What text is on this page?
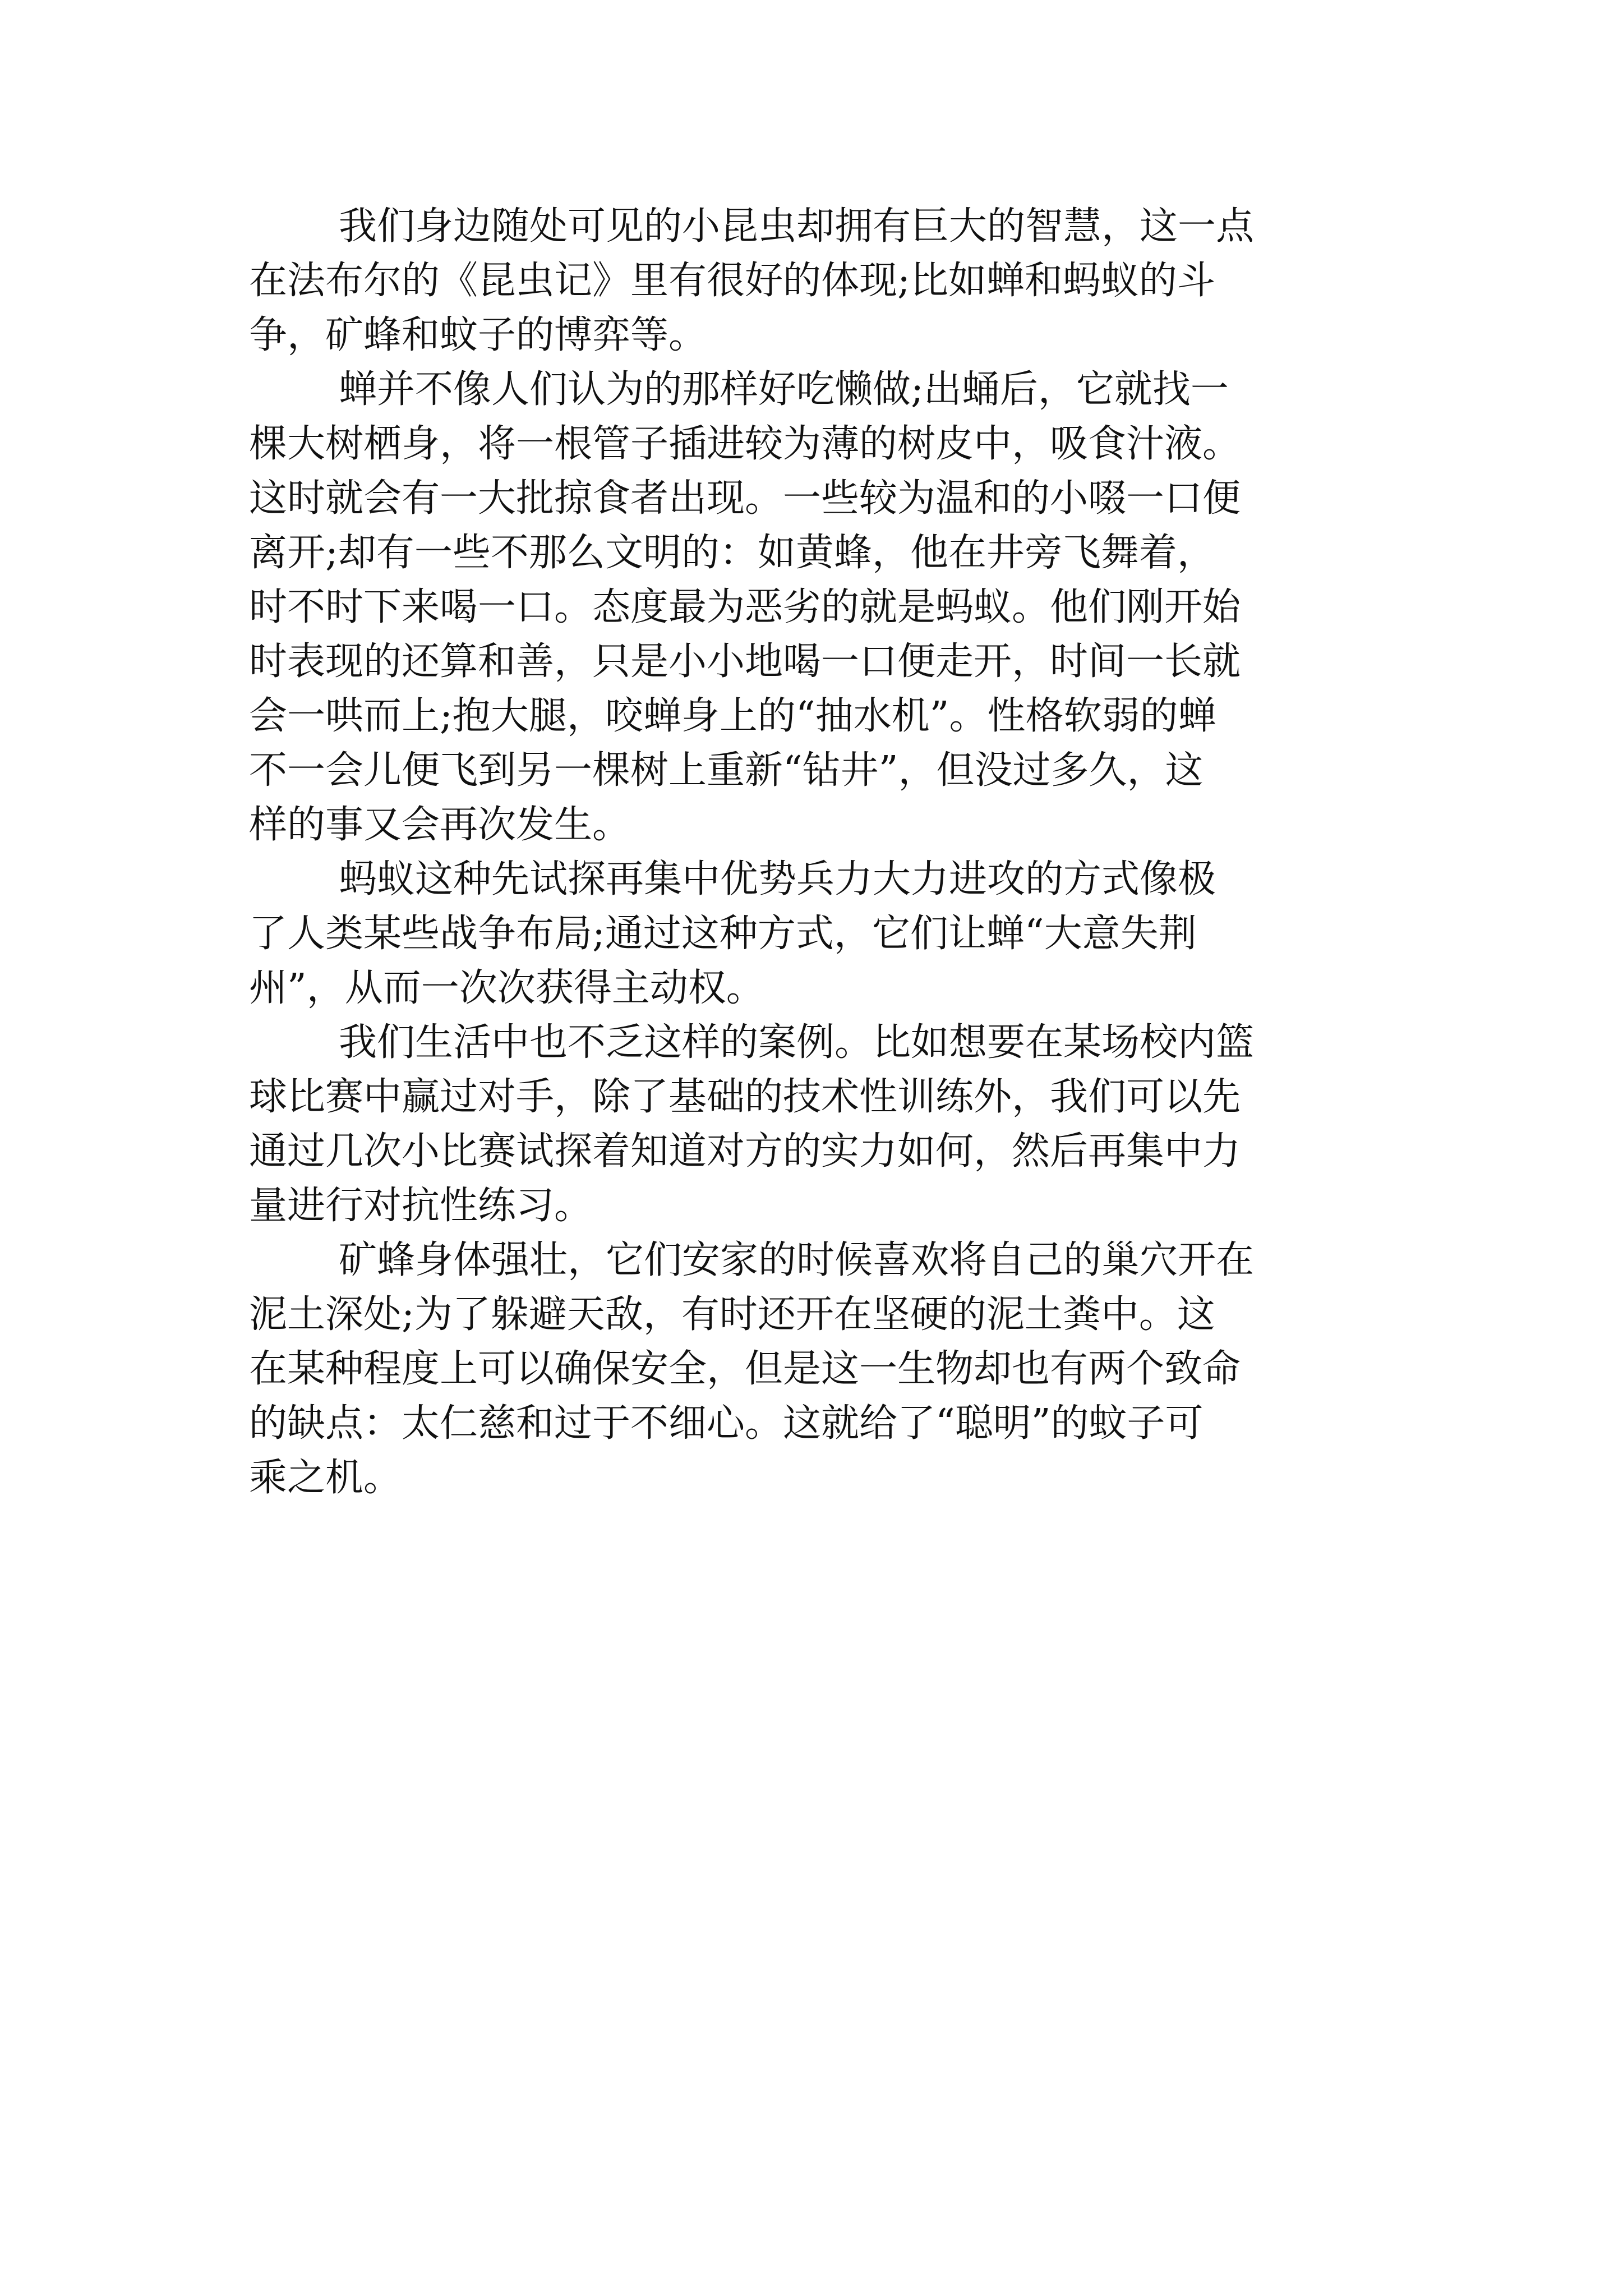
我们身边随处可见的小昆虫却拥有巨大的智慧，这一点
在法布尔的《昆虫记》里有很好的体现;比如蝉和蚂蚁的斗
争，矿蜂和蚊子的博弈等。
蝉并不像人们认为的那样好吃懒做;出蛹后，它就找一
棵大树栖身，将一根管子插进较为薄的树皮中，吸食汁液。
这时就会有一大批掠食者出现。一些较为温和的小啜一口便
离开;却有一些不那么文明的：如黄蜂，他在井旁飞舞着，
时不时下来喝一口。态度最为恶劣的就是蚂蚁。他们刚开始
时表现的还算和善，只是小小地喝一口便走开，时间一长就
会一哄而上;抱大腿，咬蝉身上的“抽水机”。性格软弱的蝉
不一会儿便飞到另一棵树上重新“钻井”，但没过多久，这
样的事又会再次发生。
蚂蚁这种先试探再集中优势兵力大力进攻的方式像极
了人类某些战争布局;通过这种方式，它们让蝉“大意失荆
州”，从而一次次获得主动权。
我们生活中也不乏这样的案例。比如想要在某场校内篮
球比赛中赢过对手，除了基础的技术性训练外，我们可以先
通过几次小比赛试探着知道对方的实力如何，然后再集中力
量进行对抗性练习。
矿蜂身体强壮，它们安家的时候喜欢将自己的巢穴开在
泥土深处;为了躲避天敌，有时还开在坚硬的泥土粪中。这
在某种程度上可以确保安全，但是这一生物却也有两个致命
的缺点：太仁慈和过于不细心。这就给了“聪明”的蚊子可
乘之机。
